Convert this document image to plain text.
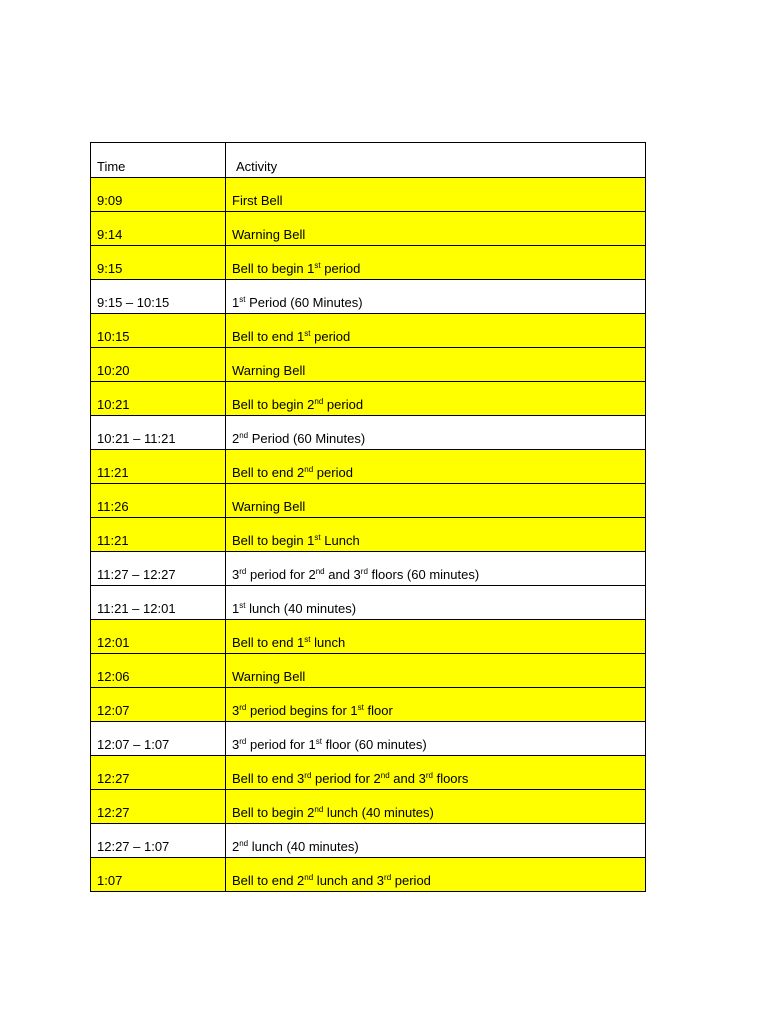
Time	Activity
9:09	First Bell
9:14	Warning Bell
9:15	Bell to begin 1st period
9:15 – 10:15	1st Period (60 Minutes)
10:15	Bell to end 1st period
10:20	Warning Bell
10:21	Bell to begin 2nd period
10:21 – 11:21	2nd Period (60 Minutes)
11:21	Bell to end 2nd period
11:26	Warning Bell
11:21	Bell to begin 1st Lunch
11:27 – 12:27	3rd period for 2nd and 3rd floors (60 minutes)
11:21 – 12:01	1st lunch (40 minutes)
12:01	Bell to end 1st lunch
12:06	Warning Bell
12:07	3rd period begins for 1st floor
12:07 – 1:07	3rd period for 1st floor (60 minutes)
12:27	Bell to end 3rd period for 2nd and 3rd floors
12:27	Bell to begin 2nd lunch (40 minutes)
12:27 – 1:07	2nd lunch (40 minutes)
1:07	Bell to end 2nd lunch and 3rd period
